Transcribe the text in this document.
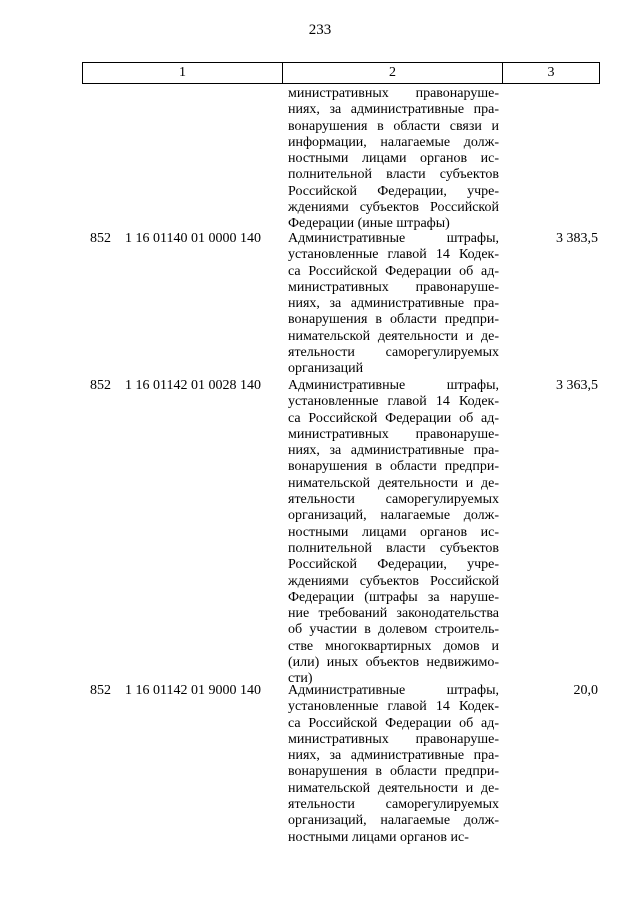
233
1	2	3
министративных правонаруше-
ниях, за административные пра-
вонарушения в области связи и
информации, налагаемые долж-
ностными лицами органов ис-
полнительной власти субъектов
Российской Федерации, учре-
ждениями субъектов Российской
Федерации (иные штрафы)
852	1 16 01140 01 0000 140	Административные штрафы,
установленные главой 14 Кодек-
са Российской Федерации об ад-
министративных правонаруше-
ниях, за административные пра-
вонарушения в области предпри-
нимательской деятельности и де-
ятельности саморегулируемых
организаций
3 383,5
852	1 16 01142 01 0028 140	Административные штрафы,
установленные главой 14 Кодек-
са Российской Федерации об ад-
министративных правонаруше-
ниях, за административные пра-
вонарушения в области предпри-
нимательской деятельности и де-
ятельности саморегулируемых
организаций, налагаемые долж-
ностными лицами органов ис-
полнительной власти субъектов
Российской Федерации, учре-
ждениями субъектов Российской
Федерации (штрафы за наруше-
ние требований законодательства
об участии в долевом строитель-
стве многоквартирных домов и
(или) иных объектов недвижимо-
сти)
3 363,5
852	1 16 01142 01 9000 140	Административные штрафы,
установленные главой 14 Кодек-
са Российской Федерации об ад-
министративных правонаруше-
ниях, за административные пра-
вонарушения в области предпри-
нимательской деятельности и де-
ятельности саморегулируемых
организаций, налагаемые долж-
ностными лицами органов ис-
20,0
